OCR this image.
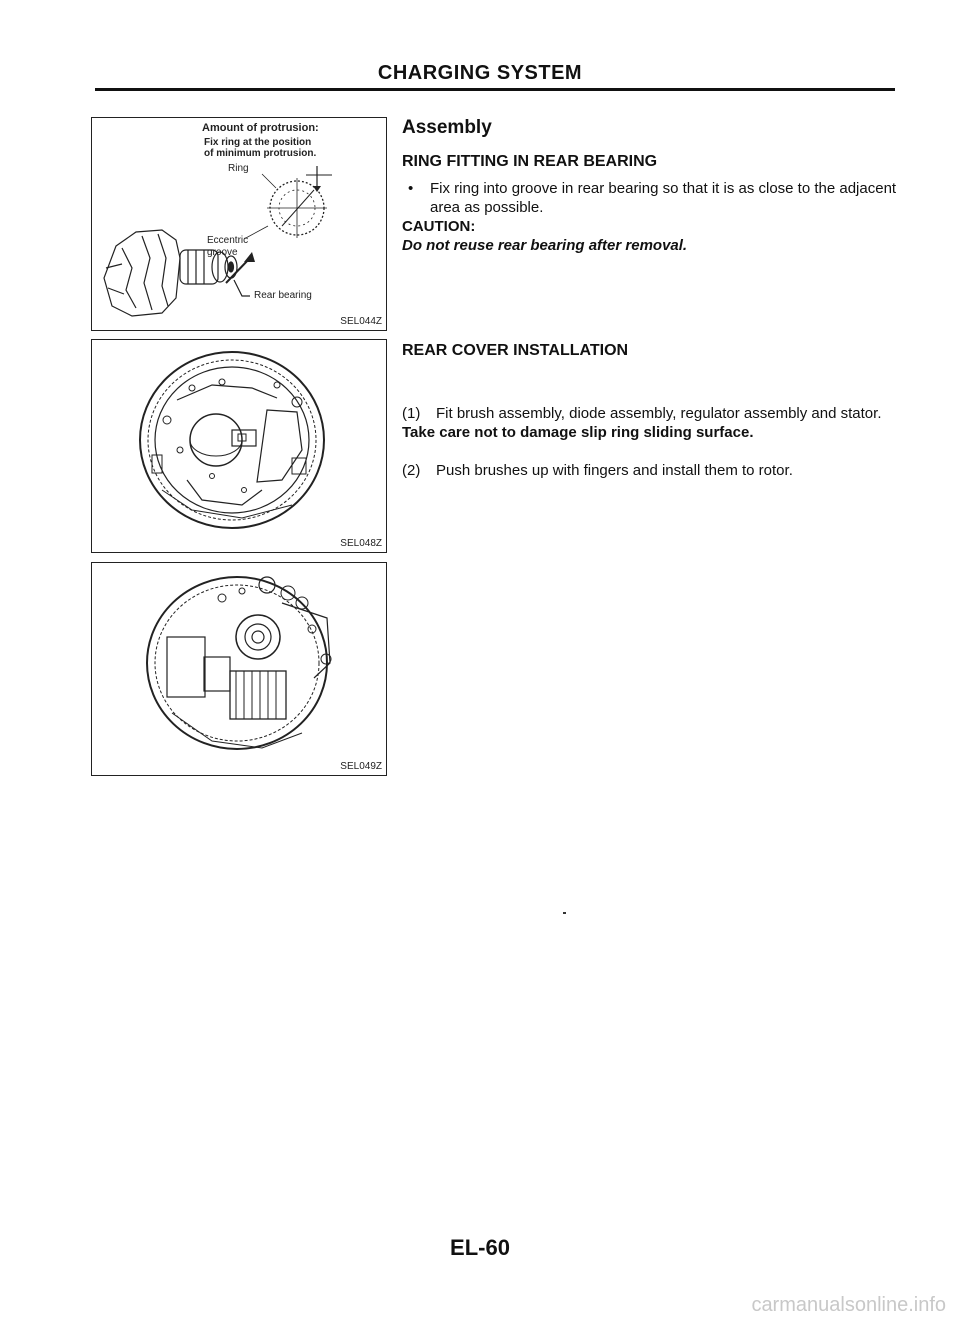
CHARGING SYSTEM
Amount of protrusion:
Fix ring at the position
of minimum protrusion.
Ring
Eccentric
groove
Rear bearing
SEL044Z
SEL048Z
SEL049Z
Assembly
RING FITTING IN REAR BEARING
• Fix ring into groove in rear bearing so that it is as close to the adjacent area as possible.
CAUTION:
Do not reuse rear bearing after removal.
REAR COVER INSTALLATION
(1) Fit brush assembly, diode assembly, regulator assembly and stator.
(2) Push brushes up with fingers and install them to rotor.
Take care not to damage slip ring sliding surface.
EL-60
carmanualsonline.info
